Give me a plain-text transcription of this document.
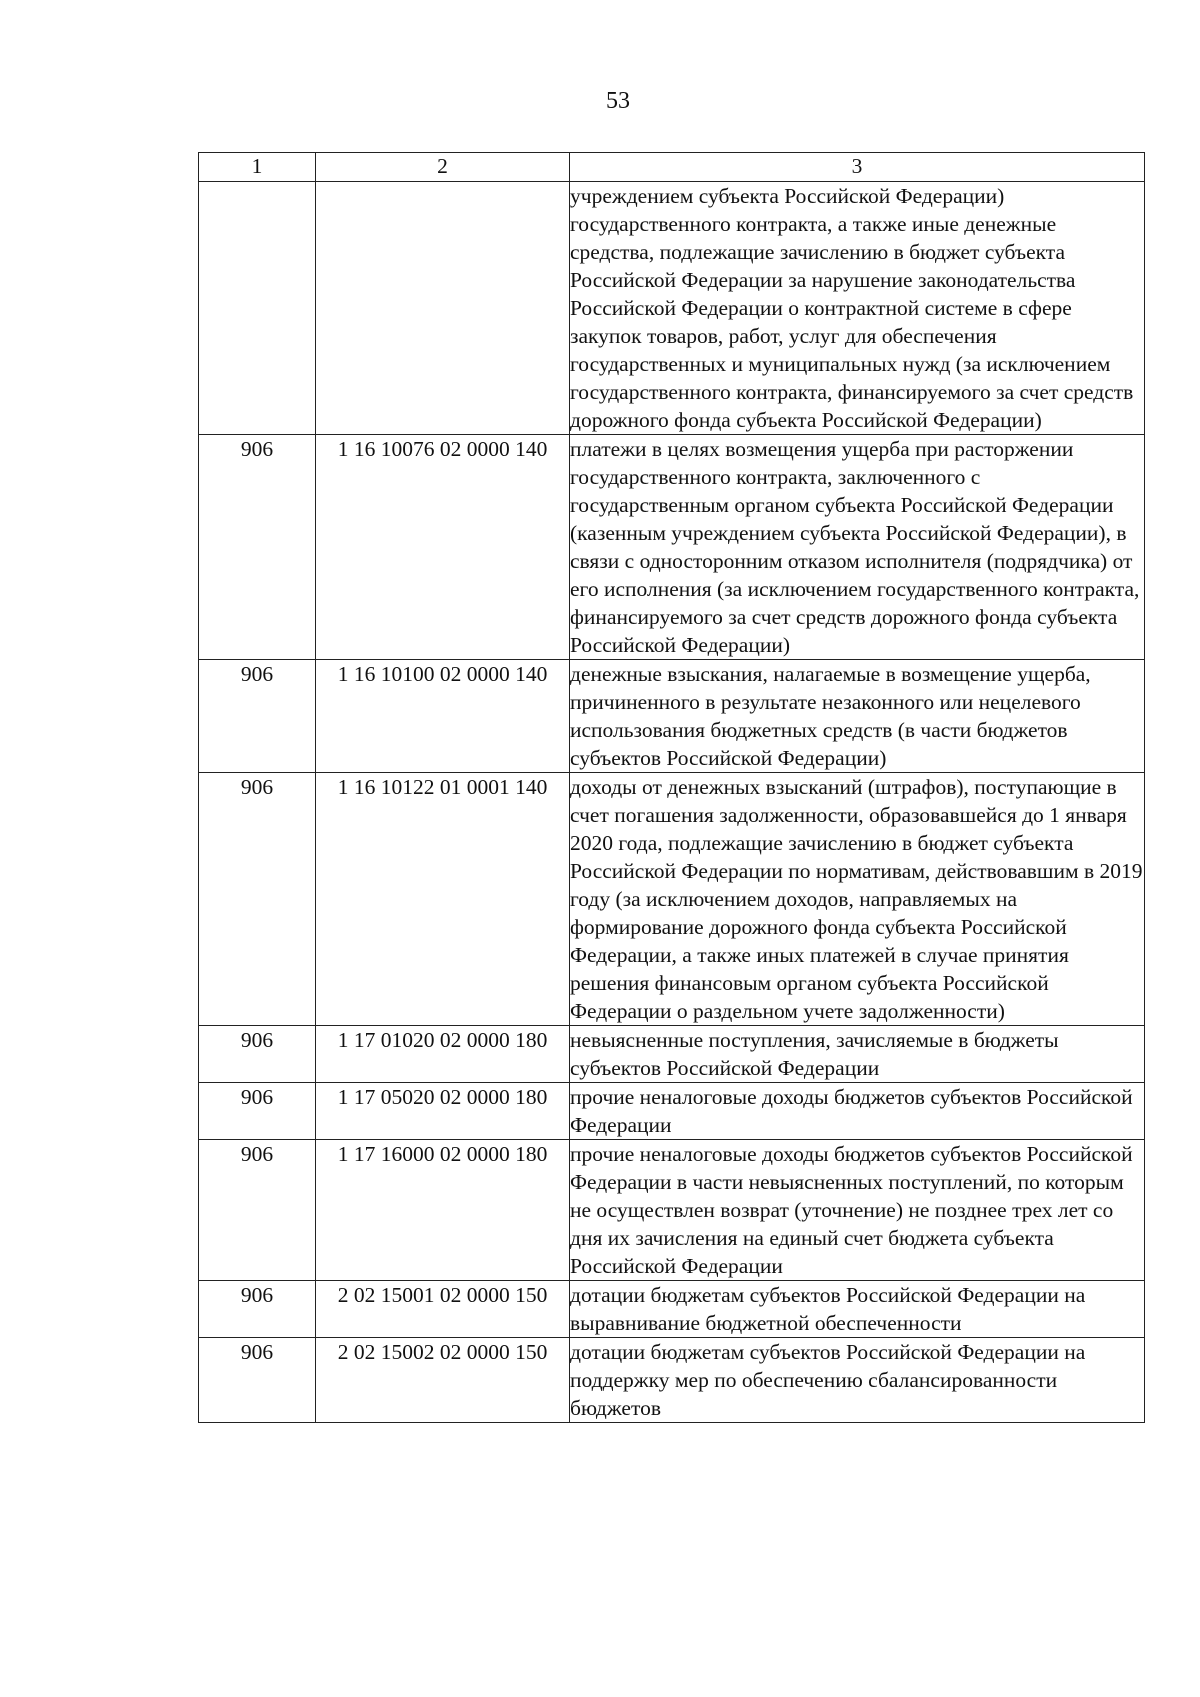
53
1	2	3
		учреждением субъекта Российской Федерации) государственного контракта, а также иные денежные средства, подлежащие зачислению в бюджет субъекта Российской Федерации за нарушение законодательства Российской Федерации о контрактной системе в сфере закупок товаров, работ, услуг для обеспечения государственных и муниципальных нужд (за исключением государственного контракта, финансируемого за счет средств дорожного фонда субъекта Российской Федерации)
906	1 16 10076 02 0000 140	платежи в целях возмещения ущерба при расторжении государственного контракта, заключенного с государственным органом субъекта Российской Федерации (казенным учреждением субъекта Российской Федерации), в связи с односторонним отказом исполнителя (подрядчика) от его исполнения (за исключением государственного контракта, финансируемого за счет средств дорожного фонда субъекта Российской Федерации)
906	1 16 10100 02 0000 140	денежные взыскания, налагаемые в возмещение ущерба, причиненного в результате незаконного или нецелевого использования бюджетных средств (в части бюджетов субъектов Российской Федерации)
906	1 16 10122 01 0001 140	доходы от денежных взысканий (штрафов), поступающие в счет погашения задолженности, образовавшейся до 1 января 2020 года, подлежащие зачислению в бюджет субъекта Российской Федерации по нормативам, действовавшим в 2019 году (за исключением доходов, направляемых на формирование дорожного фонда субъекта Российской Федерации, а также иных платежей в случае принятия решения финансовым органом субъекта Российской Федерации о раздельном учете задолженности)
906	1 17 01020 02 0000 180	невыясненные поступления, зачисляемые в бюджеты субъектов Российской Федерации
906	1 17 05020 02 0000 180	прочие неналоговые доходы бюджетов субъектов Российской Федерации
906	1 17 16000 02 0000 180	прочие неналоговые доходы бюджетов субъектов Российской Федерации в части невыясненных поступлений, по которым не осуществлен возврат (уточнение) не позднее трех лет со дня их зачисления на единый счет бюджета субъекта Российской Федерации
906	2 02 15001 02 0000 150	дотации бюджетам субъектов Российской Федерации на выравнивание бюджетной обеспеченности
906	2 02 15002 02 0000 150	дотации бюджетам субъектов Российской Федерации на поддержку мер по обеспечению сбалансированности бюджетов
